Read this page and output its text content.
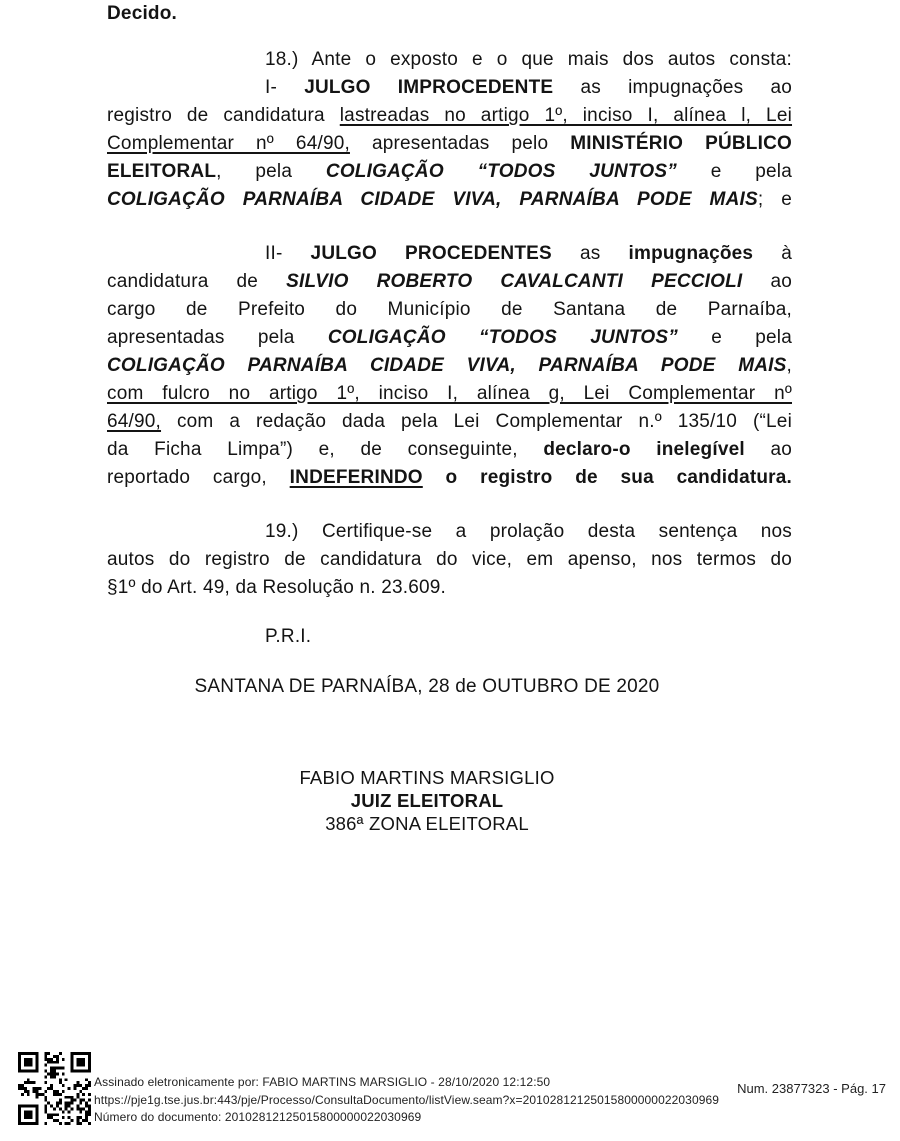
Decido.
18.) Ante o exposto e o que mais dos autos consta:
I- JULGO IMPROCEDENTE as impugnações ao
registro de candidatura lastreadas no artigo 1º, inciso I, alínea l, Lei
Complementar nº 64/90, apresentadas pelo MINISTÉRIO PÚBLICO
ELEITORAL, pela COLIGAÇÃO “TODOS JUNTOS” e pela
COLIGAÇÃO PARNAÍBA CIDADE VIVA, PARNAÍBA PODE MAIS; e
II- JULGO PROCEDENTES as impugnações à
candidatura de SILVIO ROBERTO CAVALCANTI PECCIOLI ao
cargo de Prefeito do Município de Santana de Parnaíba,
apresentadas pela COLIGAÇÃO “TODOS JUNTOS” e pela
COLIGAÇÃO PARNAÍBA CIDADE VIVA, PARNAÍBA PODE MAIS,
com fulcro no artigo 1º, inciso I, alínea g, Lei Complementar nº
64/90, com a redação dada pela Lei Complementar n.º 135/10 (“Lei
da Ficha Limpa”) e, de conseguinte, declaro-o inelegível ao
reportado cargo, INDEFERINDO o registro de sua candidatura.
19.) Certifique-se a prolação desta sentença nos
autos do registro de candidatura do vice, em apenso, nos termos do
§1º do Art. 49, da Resolução n. 23.609.
P.R.I.
SANTANA DE PARNAÍBA, 28 de OUTUBRO DE 2020
FABIO MARTINS MARSIGLIO
JUIZ ELEITORAL
386ª ZONA ELEITORAL
Assinado eletronicamente por: FABIO MARTINS MARSIGLIO - 28/10/2020 12:12:50
https://pje1g.tse.jus.br:443/pje/Processo/ConsultaDocumento/listView.seam?x=20102812125015800000022030969
Número do documento: 20102812125015800000022030969
Num. 23877323 - Pág. 17
